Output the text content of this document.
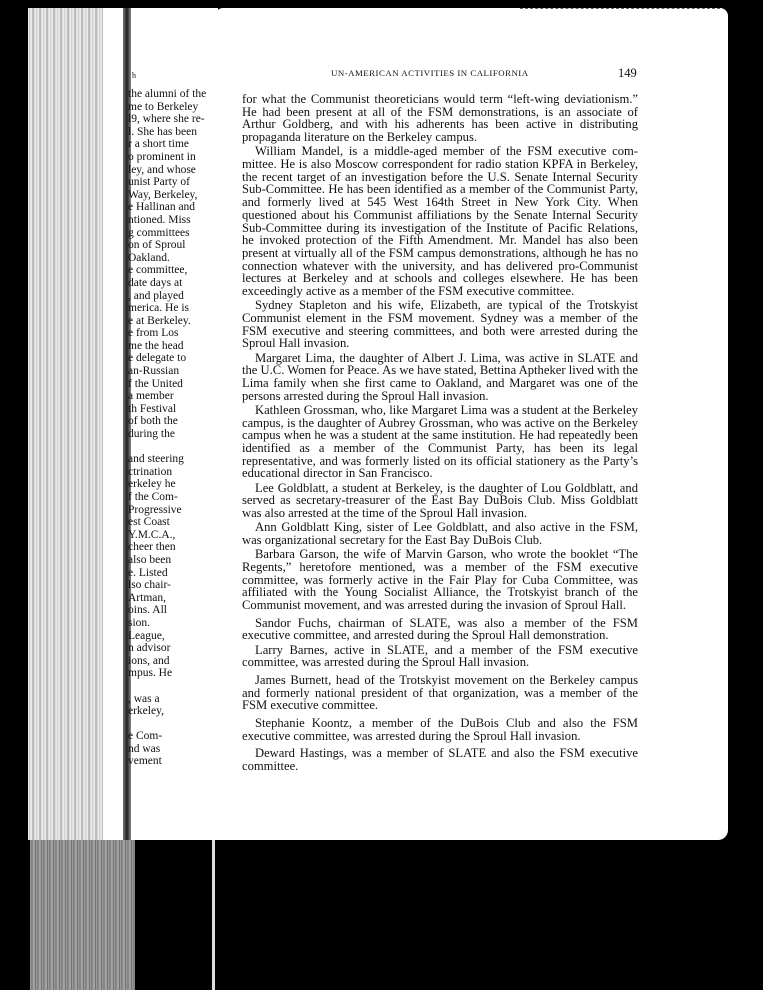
h
the alumni of the
me to Berkeley
l9, where she re-
l. She has been
r a short time
o prominent in
ley, and whose
unist Party of
Way, Berkeley,
e Hallinan and
ntioned. Miss
g committees
on of Sproul
Oakland.
e committee,
date days at
, and played
merica. He is
e at Berkeley.
e from Los
me the head
e delegate to
an-Russian
f the United
a member
th Festival
of both the
during the
and steering
ctrination
erkeley he
f the Com-
Progressive
est Coast
Y.M.C.A.,
cheer then
also been
e. Listed
lso chair-
Artman,
oins. All
sion.
League,
n advisor
ions, and
mpus. He
, was a
erkeley,
e Com-
nd was
vement
UN-AMERICAN ACTIVITIES IN CALIFORNIA	149

for what the Communist theoreticians would term “left-wing deviationism.” He had been present at all of the FSM demonstrations, is an associate of Arthur Goldberg, and with his adherents has been active in distributing propaganda literature on the Berkeley campus.

William Mandel, is a middle-aged member of the FSM executive committee. He is also Moscow correspondent for radio station KPFA in Berkeley, the recent target of an investigation before the U.S. Senate Internal Security Sub-Committee. He has been identified as a member of the Communist Party, and formerly lived at 545 West 164th Street in New York City. When questioned about his Communist affiliations by the Senate Internal Security Sub-Committee during its investigation of the Institute of Pacific Relations, he invoked protection of the Fifth Amendment. Mr. Mandel has also been present at virtually all of the FSM campus demonstrations, although he has no connection whatever with the university, and has delivered pro-Communist lectures at Berkeley and at schools and colleges elsewhere. He has been exceedingly active as a member of the FSM executive committee.

Sydney Stapleton and his wife, Elizabeth, are typical of the Trotskyist Communist element in the FSM movement. Sydney was a member of the FSM executive and steering committees, and both were arrested during the Sproul Hall invasion.

Margaret Lima, the daughter of Albert J. Lima, was active in SLATE and the U.C. Women for Peace. As we have stated, Bettina Aptheker lived with the Lima family when she first came to Oakland, and Margaret was one of the persons arrested during the Sproul Hall invasion.

Kathleen Grossman, who, like Margaret Lima was a student at the Berkeley campus, is the daughter of Aubrey Grossman, who was active on the Berkeley campus when he was a student at the same institution. He had repeatedly been identified as a member of the Communist Party, has been its legal representative, and was formerly listed on its official stationery as the Party’s educational director in San Francisco.

Lee Goldblatt, a student at Berkeley, is the daughter of Lou Goldblatt, and served as secretary-treasurer of the East Bay DuBois Club. Miss Goldblatt was also arrested at the time of the Sproul Hall invasion.

Ann Goldblatt King, sister of Lee Goldblatt, and also active in the FSM, was organizational secretary for the East Bay DuBois Club.

Barbara Garson, the wife of Marvin Garson, who wrote the booklet “The Regents,” heretofore mentioned, was a member of the FSM executive committee, was formerly active in the Fair Play for Cuba Committee, was affiliated with the Young Socialist Alliance, the Trotskyist branch of the Communist movement, and was arrested during the invasion of Sproul Hall.

Sandor Fuchs, chairman of SLATE, was also a member of the FSM executive committee, and arrested during the Sproul Hall demonstration.

Larry Barnes, active in SLATE, and a member of the FSM executive committee, was arrested during the Sproul Hall invasion.

James Burnett, head of the Trotskyist movement on the Berkeley campus and formerly national president of that organization, was a member of the FSM executive committee.

Stephanie Koontz, a member of the DuBois Club and also the FSM executive committee, was arrested during the Sproul Hall invasion.

Deward Hastings, was a member of SLATE and also the FSM executive committee.
